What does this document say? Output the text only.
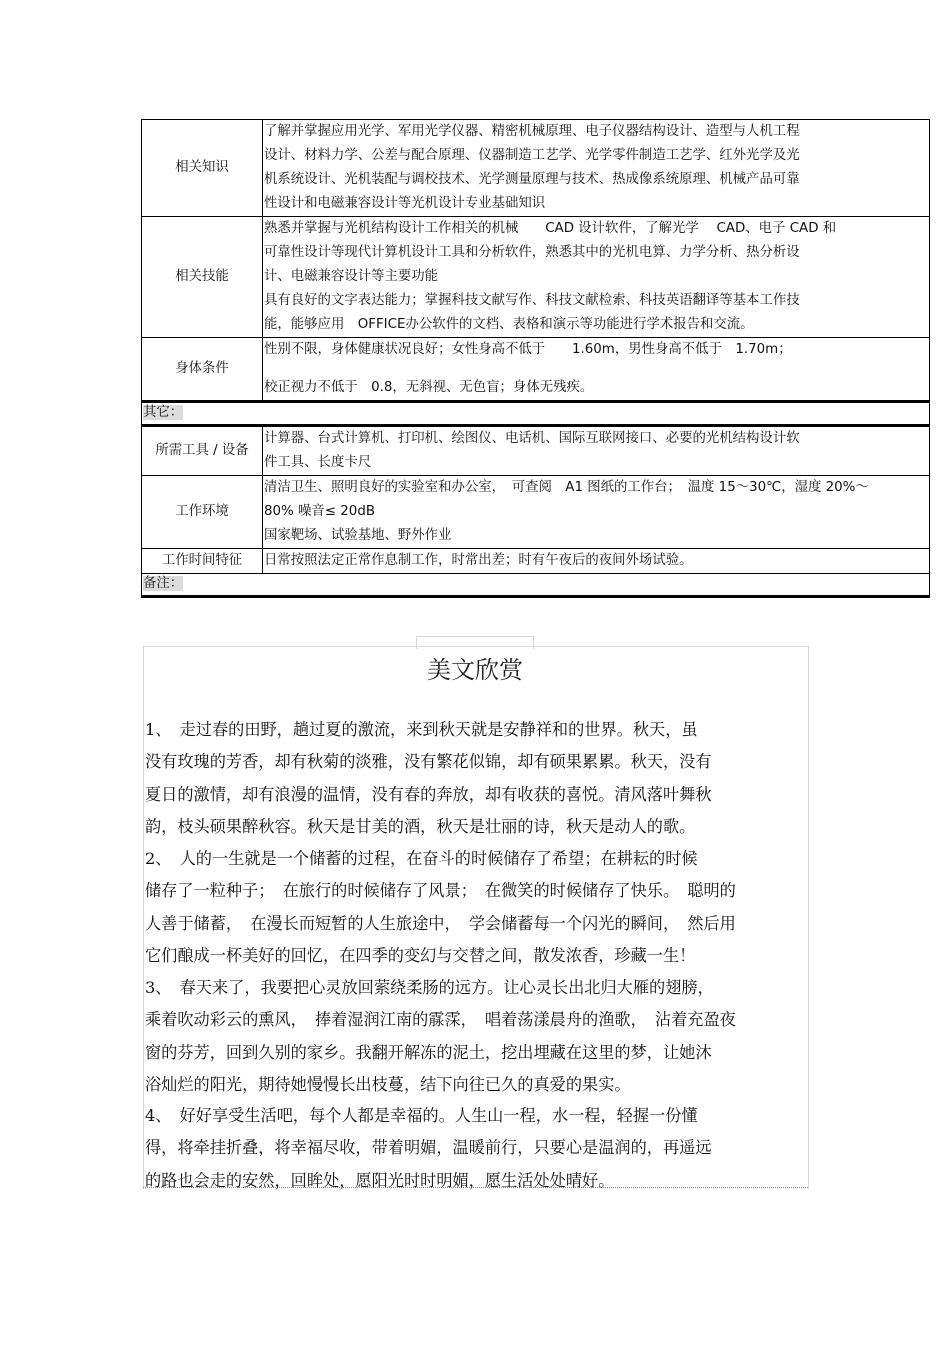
相关知识	了解并掌握应用光学、军用光学仪器、精密机械原理、电子仪器结构设计、造型与人机工程
设计、材料力学、公差与配合原理、仪器制造工艺学、光学零件制造工艺学、红外光学及光
机系统设计、光机装配与调校技术、光学测量原理与技术、热成像系统原理、机械产品可靠
性设计和电磁兼容设计等光机设计专业基础知识

相关技能	熟悉并掌握与光机结构设计工作相关的机械　　CAD 设计软件，了解光学　 CAD、电子 CAD 和
可靠性设计等现代计算机设计工具和分析软件，熟悉其中的光机电算、力学分析、热分析设
计、电磁兼容设计等主要功能
具有良好的文字表达能力；掌握科技文献写作、科技文献检索、科技英语翻译等基本工作技
能，能够应用　OFFICE办公软件的文档、表格和演示等功能进行学术报告和交流。

身体条件	性别不限，身体健康状况良好；女性身高不低于　　1.60m，男性身高不低于　1.70m；
校正视力不低于　0.8，无斜视、无色盲；身体无残疾。

其它：	

所需工具 / 设备	计算器、台式计算机、打印机、绘图仪、电话机、国际互联网接口、必要的光机结构设计软
件工具、长度卡尺

工作环境	清洁卫生、照明良好的实验室和办公室，　可查阅　A1 图纸的工作台；　温度 15～30℃，湿度 20%～
80% 噪音≤ 20dB
国家靶场、试验基地、野外作业

工作时间特征	日常按照法定正常作息制工作，时常出差；时有午夜后的夜间外场试验。

备注：	
美文欣赏
1、　走过春的田野，趟过夏的激流，来到秋天就是安静祥和的世界。秋天，虽
没有玫瑰的芳香，却有秋菊的淡雅，没有繁花似锦，却有硕果累累。秋天，没有
夏日的激情，却有浪漫的温情，没有春的奔放，却有收获的喜悦。清风落叶舞秋
韵，枝头硕果醉秋容。秋天是甘美的酒，秋天是壮丽的诗，秋天是动人的歌。
2、　人的一生就是一个储蓄的过程，在奋斗的时候储存了希望；在耕耘的时候
储存了一粒种子；　在旅行的时候储存了风景；　在微笑的时候储存了快乐。　聪明的
人善于储蓄，　在漫长而短暂的人生旅途中，　学会储蓄每一个闪光的瞬间，　然后用
它们酿成一杯美好的回忆，在四季的变幻与交替之间，散发浓香，珍藏一生！
3、　春天来了，我要把心灵放回萦绕柔肠的远方。让心灵长出北归大雁的翅膀，
乘着吹动彩云的熏风，　捧着湿润江南的霡霂，　唱着荡漾晨舟的渔歌，　沾着充盈夜
窗的芬芳，回到久别的家乡。我翻开解冻的泥土，挖出埋藏在这里的梦，让她沐
浴灿烂的阳光，期待她慢慢长出枝蔓，结下向往已久的真爱的果实。
4、　好好享受生活吧，每个人都是幸福的。人生山一程，水一程，轻握一份懂
得，将牵挂折叠，将幸福尽收，带着明媚，温暖前行，只要心是温润的，再遥远
的路也会走的安然，回眸处，愿阳光时时明媚，愿生活处处晴好。
